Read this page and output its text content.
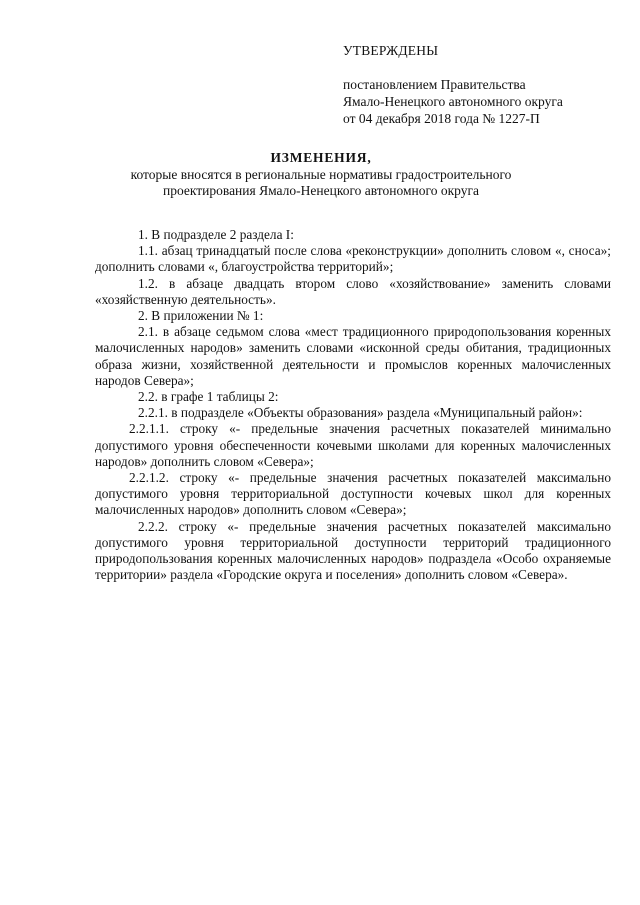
УТВЕРЖДЕНЫ
постановлением Правительства
Ямало-Ненецкого автономного округа
от 04 декабря 2018 года № 1227-П
ИЗМЕНЕНИЯ,
которые вносятся в региональные нормативы градостроительного
проектирования Ямало-Ненецкого автономного округа

1. В подразделе 2 раздела I:

1.1. абзац тринадцатый после слова «реконструкции» дополнить словом «, сноса»; дополнить словами «, благоустройства территорий»;

1.2. в абзаце двадцать втором слово «хозяйствование» заменить словами «хозяйственную деятельность».

2. В приложении № 1:

2.1. в абзаце седьмом слова «мест традиционного природопользования коренных малочисленных народов» заменить словами «исконной среды обитания, традиционных образа жизни, хозяйственной деятельности и промыслов коренных малочисленных народов Севера»;

2.2. в графе 1 таблицы 2:

2.2.1. в подразделе «Объекты образования» раздела «Муниципальный район»:

2.2.1.1. строку «- предельные значения расчетных показателей минимально допустимого уровня обеспеченности кочевыми школами для коренных малочисленных народов» дополнить словом «Севера»;

2.2.1.2. строку «- предельные значения расчетных показателей максимально допустимого уровня территориальной доступности кочевых школ для коренных малочисленных народов» дополнить словом «Севера»;

2.2.2. строку «- предельные значения расчетных показателей максимально допустимого уровня территориальной доступности территорий традиционного природопользования коренных малочисленных народов» подраздела «Особо охраняемые территории» раздела «Городские округа и поселения» дополнить словом «Севера».
